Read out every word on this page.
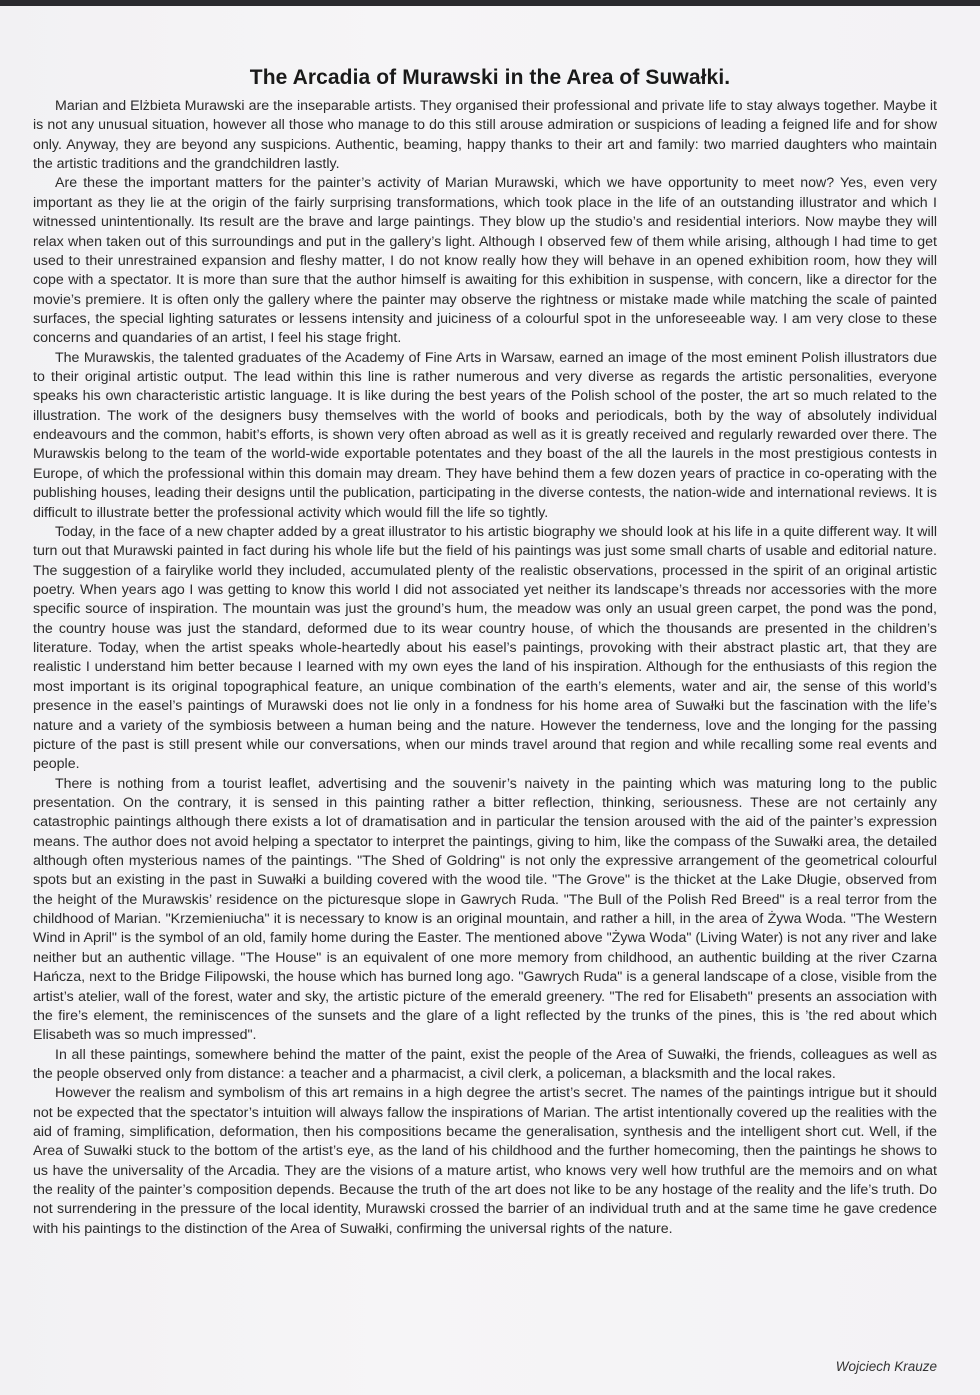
The Arcadia of Murawski in the Area of Suwałki.

Marian and Elżbieta Murawski are the inseparable artists. They organised their professional and private life to stay always together. Maybe it is not any unusual situation, however all those who manage to do this still arouse admiration or suspicions of leading a feigned life and for show only. Anyway, they are beyond any suspicions. Authentic, beaming, happy thanks to their art and family: two married daughters who maintain the artistic traditions and the grandchildren lastly.

Are these the important matters for the painter’s activity of Marian Murawski, which we have opportunity to meet now? Yes, even very important as they lie at the origin of the fairly surprising transformations, which took place in the life of an outstanding illustrator and which I witnessed unintentionally. Its result are the brave and large paintings. They blow up the studio’s and residential interiors. Now maybe they will relax when taken out of this surroundings and put in the gallery’s light. Although I observed few of them while arising, although I had time to get used to their unrestrained expansion and fleshy matter, I do not know really how they will behave in an opened exhibition room, how they will cope with a spectator. It is more than sure that the author himself is awaiting for this exhibition in suspense, with concern, like a director for the movie’s premiere. It is often only the gallery where the painter may observe the rightness or mistake made while matching the scale of painted surfaces, the special lighting saturates or lessens intensity and juiciness of a colourful spot in the unforeseeable way. I am very close to these concerns and quandaries of an artist, I feel his stage fright.

The Murawskis, the talented graduates of the Academy of Fine Arts in Warsaw, earned an image of the most eminent Polish illustrators due to their original artistic output. The lead within this line is rather numerous and very diverse as regards the artistic personalities, everyone speaks his own characteristic artistic language. It is like during the best years of the Polish school of the poster, the art so much related to the illustration. The work of the designers busy themselves with the world of books and periodicals, both by the way of absolutely individual endeavours and the common, habit’s efforts, is shown very often abroad as well as it is greatly received and regularly rewarded over there. The Murawskis belong to the team of the world-wide exportable potentates and they boast of the all the laurels in the most prestigious contests in Europe, of which the professional within this domain may dream. They have behind them a few dozen years of practice in co-operating with the publishing houses, leading their designs until the publication, participating in the diverse contests, the nation-wide and international reviews. It is difficult to illustrate better the professional activity which would fill the life so tightly.

Today, in the face of a new chapter added by a great illustrator to his artistic biography we should look at his life in a quite different way. It will turn out that Murawski painted in fact during his whole life but the field of his paintings was just some small charts of usable and editorial nature. The suggestion of a fairylike world they included, accumulated plenty of the realistic observations, processed in the spirit of an original artistic poetry. When years ago I was getting to know this world I did not associated yet neither its landscape’s threads nor accessories with the more specific source of inspiration. The mountain was just the ground’s hum, the meadow was only an usual green carpet, the pond was the pond, the country house was just the standard, deformed due to its wear country house, of which the thousands are presented in the children’s literature. Today, when the artist speaks whole-heartedly about his easel’s paintings, provoking with their abstract plastic art, that they are realistic I understand him better because I learned with my own eyes the land of his inspiration. Although for the enthusiasts of this region the most important is its original topographical feature, an unique combination of the earth’s elements, water and air, the sense of this world’s presence in the easel’s paintings of Murawski does not lie only in a fondness for his home area of Suwałki but the fascination with the life’s nature and a variety of the symbiosis between a human being and the nature. However the tenderness, love and the longing for the passing picture of the past is still present while our conversations, when our minds travel around that region and while recalling some real events and people.

There is nothing from a tourist leaflet, advertising and the souvenir’s naivety in the painting which was maturing long to the public presentation. On the contrary, it is sensed in this painting rather a bitter reflection, thinking, seriousness. These are not certainly any catastrophic paintings although there exists a lot of dramatisation and in particular the tension aroused with the aid of the painter’s expression means. The author does not avoid helping a spectator to interpret the paintings, giving to him, like the compass of the Suwałki area, the detailed although often mysterious names of the paintings. "The Shed of Goldring" is not only the expressive arrangement of the geometrical colourful spots but an existing in the past in Suwałki a building covered with the wood tile. "The Grove" is the thicket at the Lake Długie, observed from the height of the Murawskis’ residence on the picturesque slope in Gawrych Ruda. "The Bull of the Polish Red Breed" is a real terror from the childhood of Marian. "Krzemieniucha" it is necessary to know is an original mountain, and rather a hill, in the area of Żywa Woda. "The Western Wind in April" is the symbol of an old, family home during the Easter. The mentioned above "Żywa Woda" (Living Water) is not any river and lake neither but an authentic village. "The House" is an equivalent of one more memory from childhood, an authentic building at the river Czarna Hańcza, next to the Bridge Filipowski, the house which has burned long ago. "Gawrych Ruda" is a general landscape of a close, visible from the artist’s atelier, wall of the forest, water and sky, the artistic picture of the emerald greenery. "The red for Elisabeth" presents an association with the fire’s element, the reminiscences of the sunsets and the glare of a light reflected by the trunks of the pines, this is ’the red about which Elisabeth was so much impressed".

In all these paintings, somewhere behind the matter of the paint, exist the people of the Area of Suwałki, the friends, colleagues as well as the people observed only from distance: a teacher and a pharmacist, a civil clerk, a policeman, a blacksmith and the local rakes.

However the realism and symbolism of this art remains in a high degree the artist’s secret. The names of the paintings intrigue but it should not be expected that the spectator’s intuition will always fallow the inspirations of Marian. The artist intentionally covered up the realities with the aid of framing, simplification, deformation, then his compositions became the generalisation, synthesis and the intelligent short cut. Well, if the Area of Suwałki stuck to the bottom of the artist’s eye, as the land of his childhood and the further homecoming, then the paintings he shows to us have the universality of the Arcadia. They are the visions of a mature artist, who knows very well how truthful are the memoirs and on what the reality of the painter’s composition depends. Because the truth of the art does not like to be any hostage of the reality and the life’s truth. Do not surrendering in the pressure of the local identity, Murawski crossed the barrier of an individual truth and at the same time he gave credence with his paintings to the distinction of the Area of Suwałki, confirming the universal rights of the nature.

Wojciech Krauze
